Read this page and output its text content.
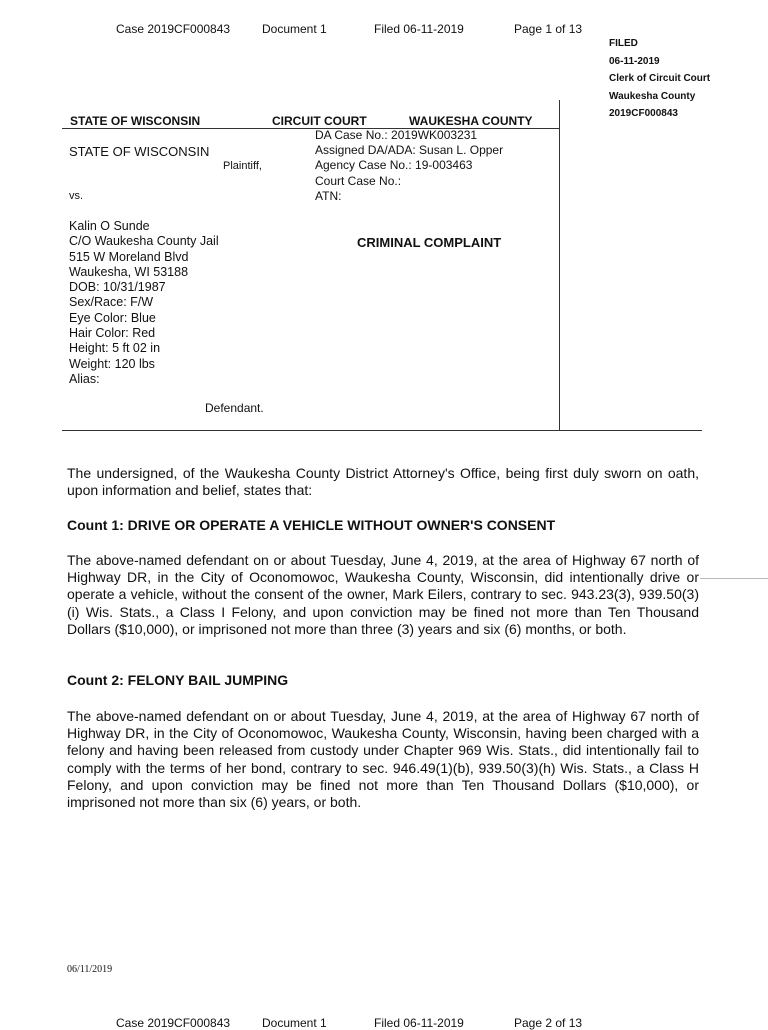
Case 2019CF000843	Document 1	Filed 06-11-2019	Page 1 of 13
FILED
06-11-2019
Clerk of Circuit Court
Waukesha County
2019CF000843
STATE OF WISCONSIN	CIRCUIT COURT	WAUKESHA COUNTY
STATE OF WISCONSIN
Plaintiff,
vs.
DA Case No.: 2019WK003231
Assigned DA/ADA: Susan L. Opper
Agency Case No.: 19-003463
Court Case No.:
ATN:
Kalin O Sunde
C/O Waukesha County Jail
515 W Moreland Blvd
Waukesha, WI 53188
DOB: 10/31/1987
Sex/Race: F/W
Eye Color: Blue
Hair Color: Red
Height: 5 ft 02 in
Weight: 120 lbs
Alias:
CRIMINAL COMPLAINT
Defendant.
The undersigned, of the Waukesha County District Attorney's Office, being first duly sworn on oath, upon information and belief, states that:
Count 1: DRIVE OR OPERATE A VEHICLE WITHOUT OWNER'S CONSENT
The above-named defendant on or about Tuesday, June 4, 2019, at the area of Highway 67 north of Highway DR, in the City of Oconomowoc, Waukesha County, Wisconsin, did intentionally drive or operate a vehicle, without the consent of the owner, Mark Eilers, contrary to sec. 943.23(3), 939.50(3)(i) Wis. Stats., a Class I Felony, and upon conviction may be fined not more than Ten Thousand Dollars ($10,000), or imprisoned not more than three (3) years and six (6) months, or both.
Count 2: FELONY BAIL JUMPING
The above-named defendant on or about Tuesday, June 4, 2019, at the area of Highway 67 north of Highway DR, in the City of Oconomowoc, Waukesha County, Wisconsin, having been charged with a felony and having been released from custody under Chapter 969 Wis. Stats., did intentionally fail to comply with the terms of her bond, contrary to sec. 946.49(1)(b), 939.50(3)(h) Wis. Stats., a Class H Felony, and upon conviction may be fined not more than Ten Thousand Dollars ($10,000), or imprisoned not more than six (6) years, or both.
06/11/2019
Case 2019CF000843	Document 1	Filed 06-11-2019	Page 2 of 13
